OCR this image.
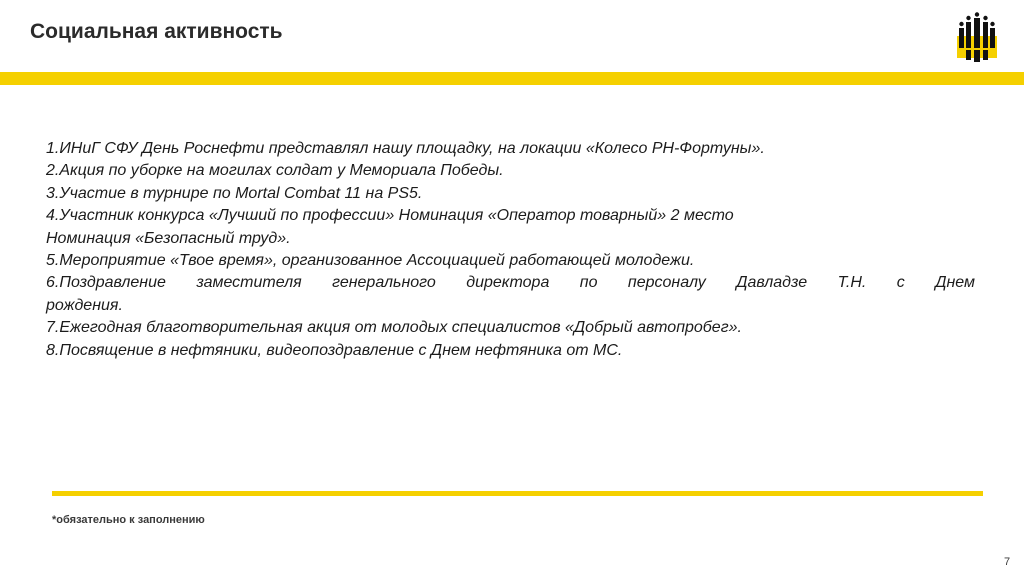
Социальная активность

1.ИНиГ СФУ День Роснефти представлял нашу площадку, на локации «Колесо РН-Фортуны».

2.Акция по уборке на могилах солдат у Мемориала Победы.

3.Участие в турнире по Mortal Combat 11 на PS5.

4.Участник конкурса «Лучший по профессии» Номинация «Оператор товарный» 2 место

Номинация «Безопасный труд».

5.Мероприятие «Твое время», организованное Ассоциацией работающей молодежи.

6.Поздравление заместителя генерального директора по персоналу Давладзе Т.Н. с Днем

рождения.

7.Ежегодная благотворительная акция от молодых специалистов «Добрый автопробег».

8.Посвящение в нефтяники, видеопоздравление с Днем нефтяника от МС.

*обязательно к заполнению
7
